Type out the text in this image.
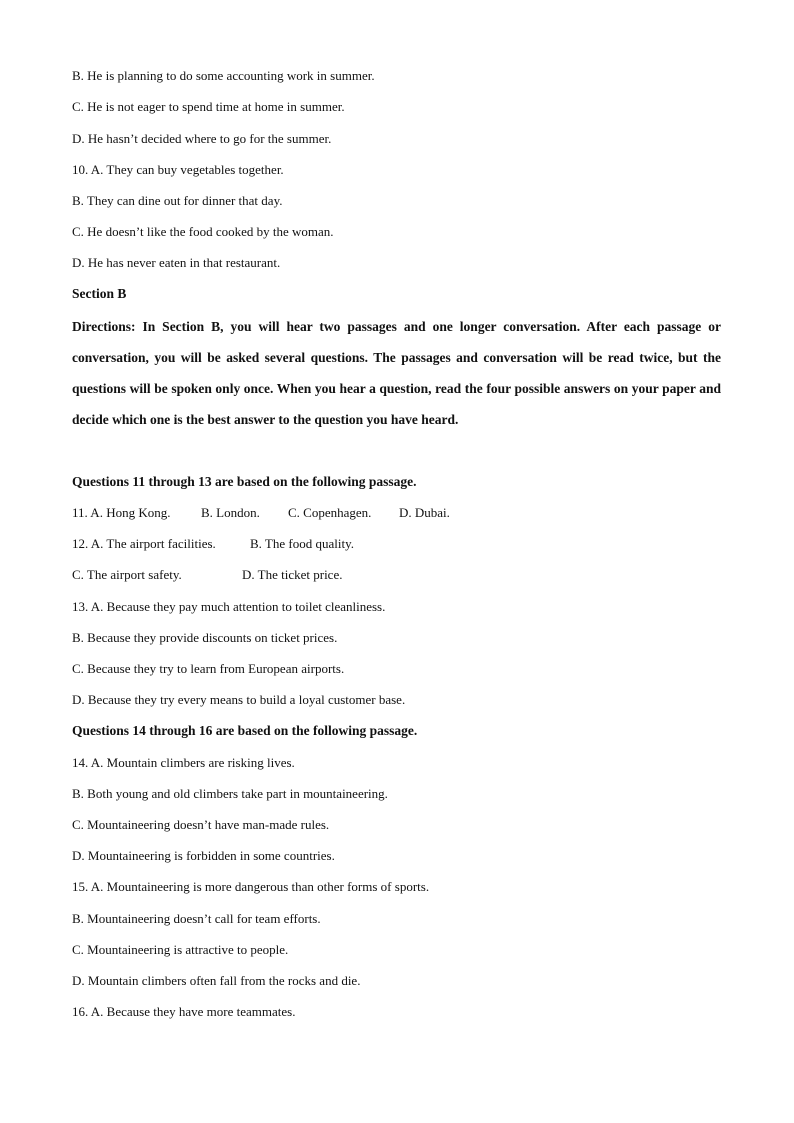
B. He is planning to do some accounting work in summer.
C. He is not eager to spend time at home in summer.
D. He hasn’t decided where to go for the summer.
10. A. They can buy vegetables together.
B. They can dine out for dinner that day.
C. He doesn’t like the food cooked by the woman.
D. He has never eaten in that restaurant.
Section B
Directions: In Section B, you will hear two passages and one longer conversation. After each passage or conversation, you will be asked several questions. The passages and conversation will be read twice, but the questions will be spoken only once. When you hear a question, read the four possible answers on your paper and decide which one is the best answer to the question you have heard.
Questions 11 through 13 are based on the following passage.
11. A. Hong Kong. B. London. C. Copenhagen. D. Dubai.
12. A. The airport facilities.	B. The food quality.
C. The airport safety.	D. The ticket price.
13. A. Because they pay much attention to toilet cleanliness.
B. Because they provide discounts on ticket prices.
C. Because they try to learn from European airports.
D. Because they try every means to build a loyal customer base.
Questions 14 through 16 are based on the following passage.
14. A. Mountain climbers are risking lives.
B. Both young and old climbers take part in mountaineering.
C. Mountaineering doesn’t have man-made rules.
D. Mountaineering is forbidden in some countries.
15. A. Mountaineering is more dangerous than other forms of sports.
B. Mountaineering doesn’t call for team efforts.
C. Mountaineering is attractive to people.
D. Mountain climbers often fall from the rocks and die.
16. A. Because they have more teammates.
